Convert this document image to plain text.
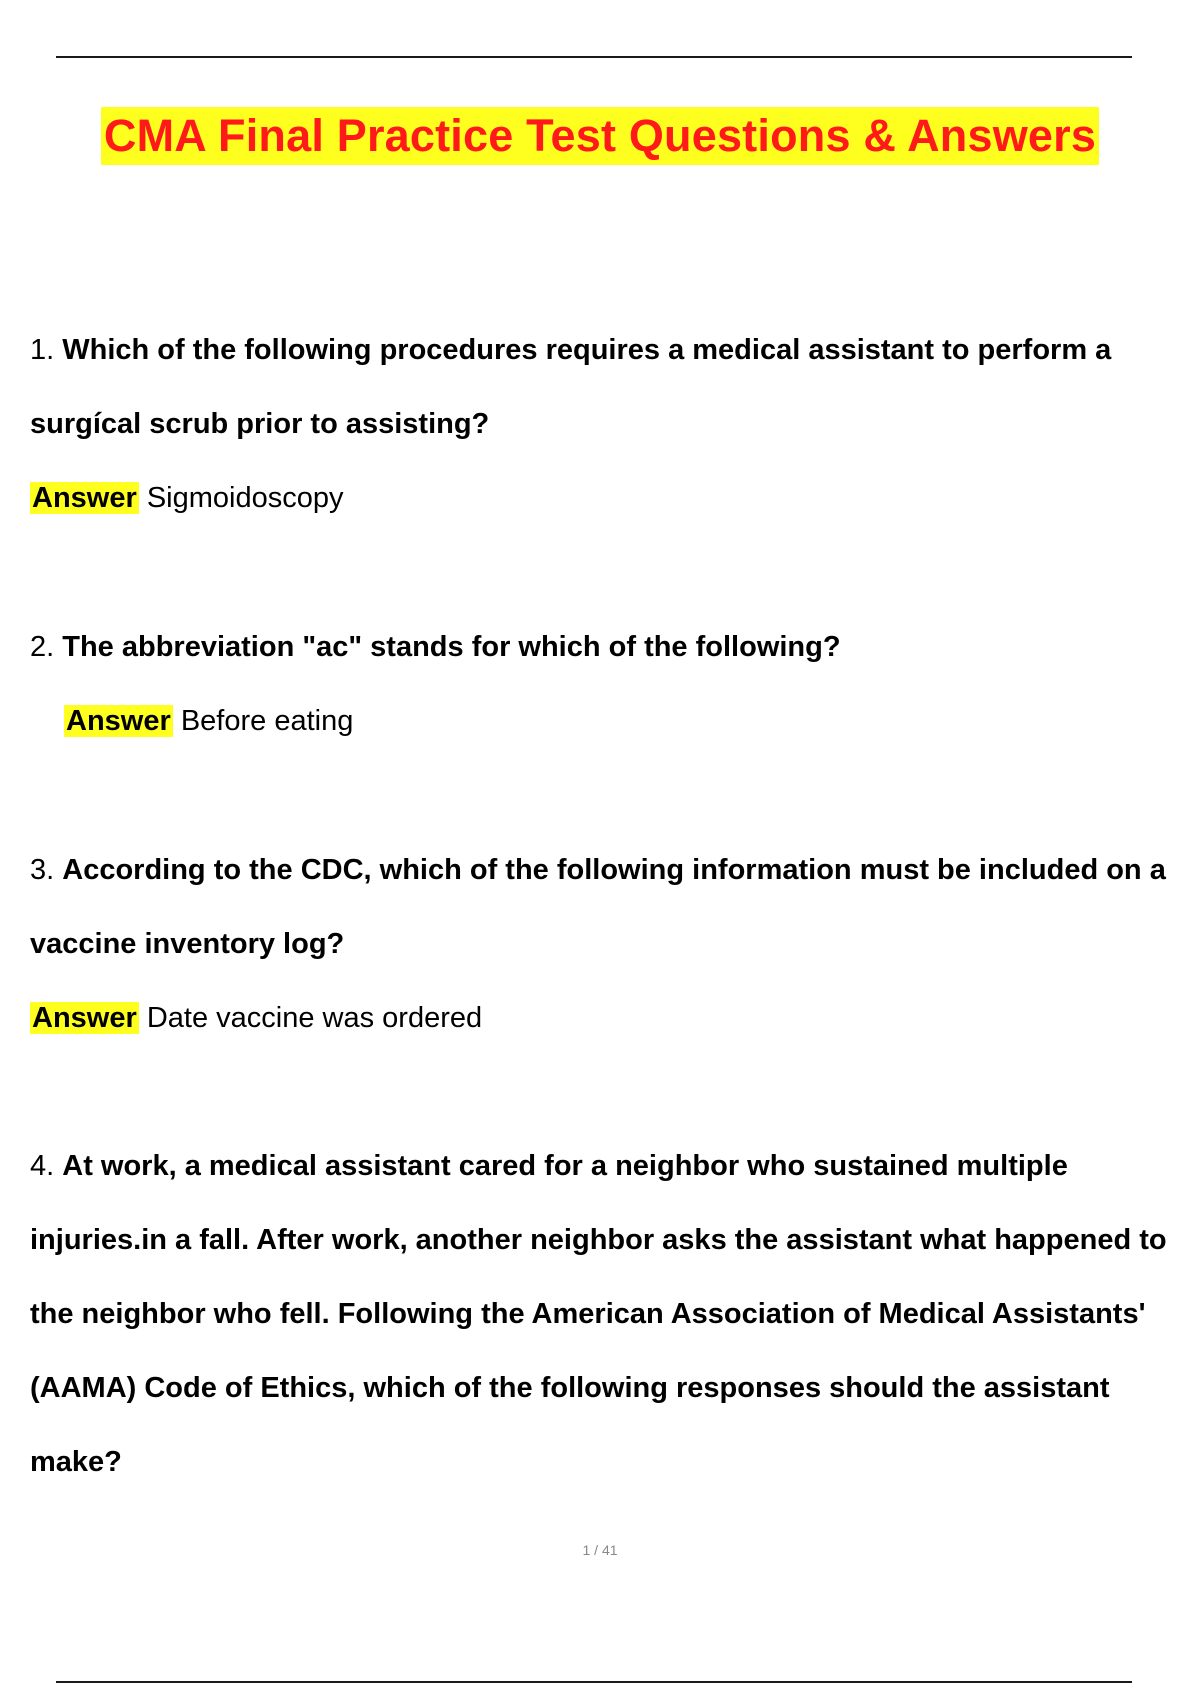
CMA Final Practice Test Questions & Answers

1. Which of the following procedures requires a medical assistant to perform a surgícal scrub prior to assisting?

Answer Sigmoidoscopy

2. The abbreviation "ac" stands for which of the following?

Answer Before eating

3. According to the CDC, which of the following information must be included on a vaccine inventory log?

Answer Date vaccine was ordered

4. At work, a medical assistant cared for a neighbor who sustained multiple injuries.in a fall. After work, another neighbor asks the assistant what happened to the neighbor who fell. Following the American Association of Medical Assistants' (AAMA) Code of Ethics, which of the following responses should the assistant make?

1 / 41
